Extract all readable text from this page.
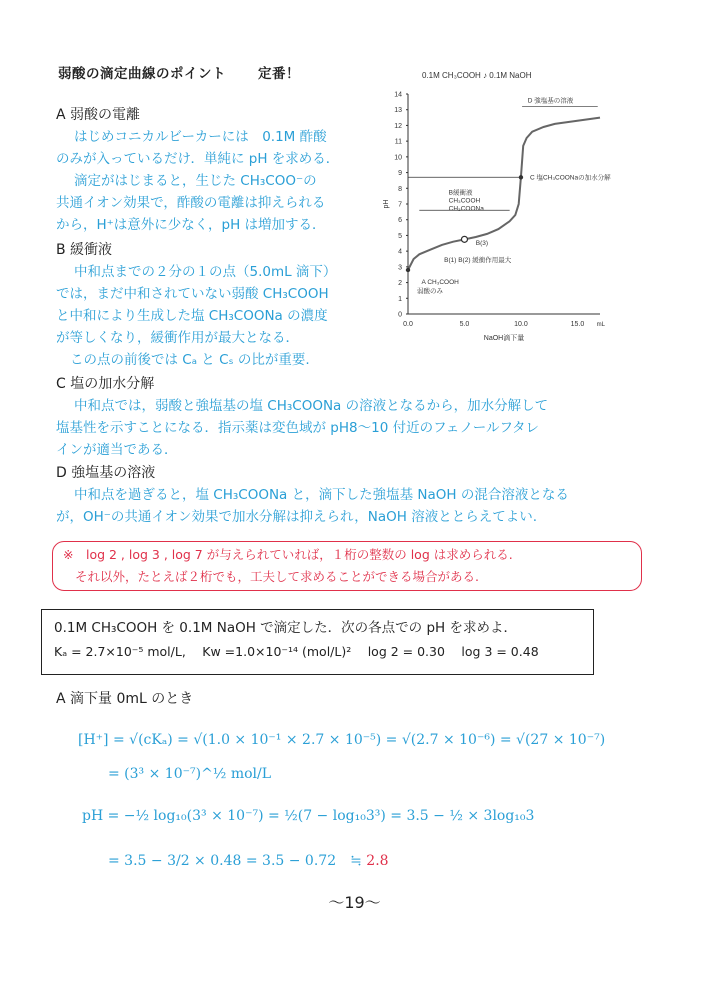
弱酸の滴定曲線のポイント 定番！
A 弱酸の電離
はじめコニカルビーカーには　0.1M 酢酸
のみが入っているだけ．単純に pH を求める．
滴定がはじまると，生じた CH₃COO⁻の
共通イオン効果で，酢酸の電離は抑えられる
から，H⁺は意外に少なく，pH は増加する．
B 緩衝液
中和点までの２分の１の点（5.0mL 滴下）
では，まだ中和されていない弱酸 CH₃COOH
と中和により生成した塩 CH₃COONa の濃度
が等しくなり，緩衝作用が最大となる．
この点の前後では Cₐ と Cₛ の比が重要.
C 塩の加水分解
中和点では，弱酸と強塩基の塩 CH₃COONa の溶液となるから，加水分解して
塩基性を示すことになる．指示薬は変色域が pH8～10 付近のフェノールフタレ
インが適当である．
D 強塩基の溶液
中和点を過ぎると，塩 CH₃COONa と，滴下した強塩基 NaOH の混合溶液となる
が，OH⁻の共通イオン効果で加水分解は抑えられ，NaOH 溶液ととらえてよい.
0.1M CH₃COOH ♪ 0.1M NaOH
0
1
2
3
4
5
6
7
8
9
10
11
12
13
14
0.0	5.0	10.0	15.0 mL
NaOH滴下量
pH
D 強塩基の溶液
C 塩CH₃COONaの加水分解
B緩衝液
CH₃COOH
CH₃COONa
B(3)
B(1) B(2) 緩衝作用最大
A CH₃COOH
弱酸のみ
※　log 2 , log 3 , log 7 が与えられていれば，１桁の整数の log は求められる.
それ以外，たとえば２桁でも，工夫して求めることができる場合がある.
0.1M CH₃COOH を 0.1M NaOH で滴定した．次の各点での pH を求めよ．
Kₐ = 2.7×10⁻⁵ mol/L,　 Kw =1.0×10⁻¹⁴ (mol/L)²　 log 2 = 0.30　 log 3 = 0.48
A 滴下量 0mL のとき
[H⁺] = √(cKₐ) = √(1.0 × 10⁻¹ × 2.7 × 10⁻⁵) = √(2.7 × 10⁻⁶) = √(27 × 10⁻⁷)
= (3³ × 10⁻⁷)^½ mol/L
pH = −½ log₁₀(3³ × 10⁻⁷) = ½(7 − log₁₀3³) = 3.5 − ½ × 3log₁₀3
= 3.5 − 3/2 × 0.48 = 3.5 − 0.72　≒ 2.8
～19～
